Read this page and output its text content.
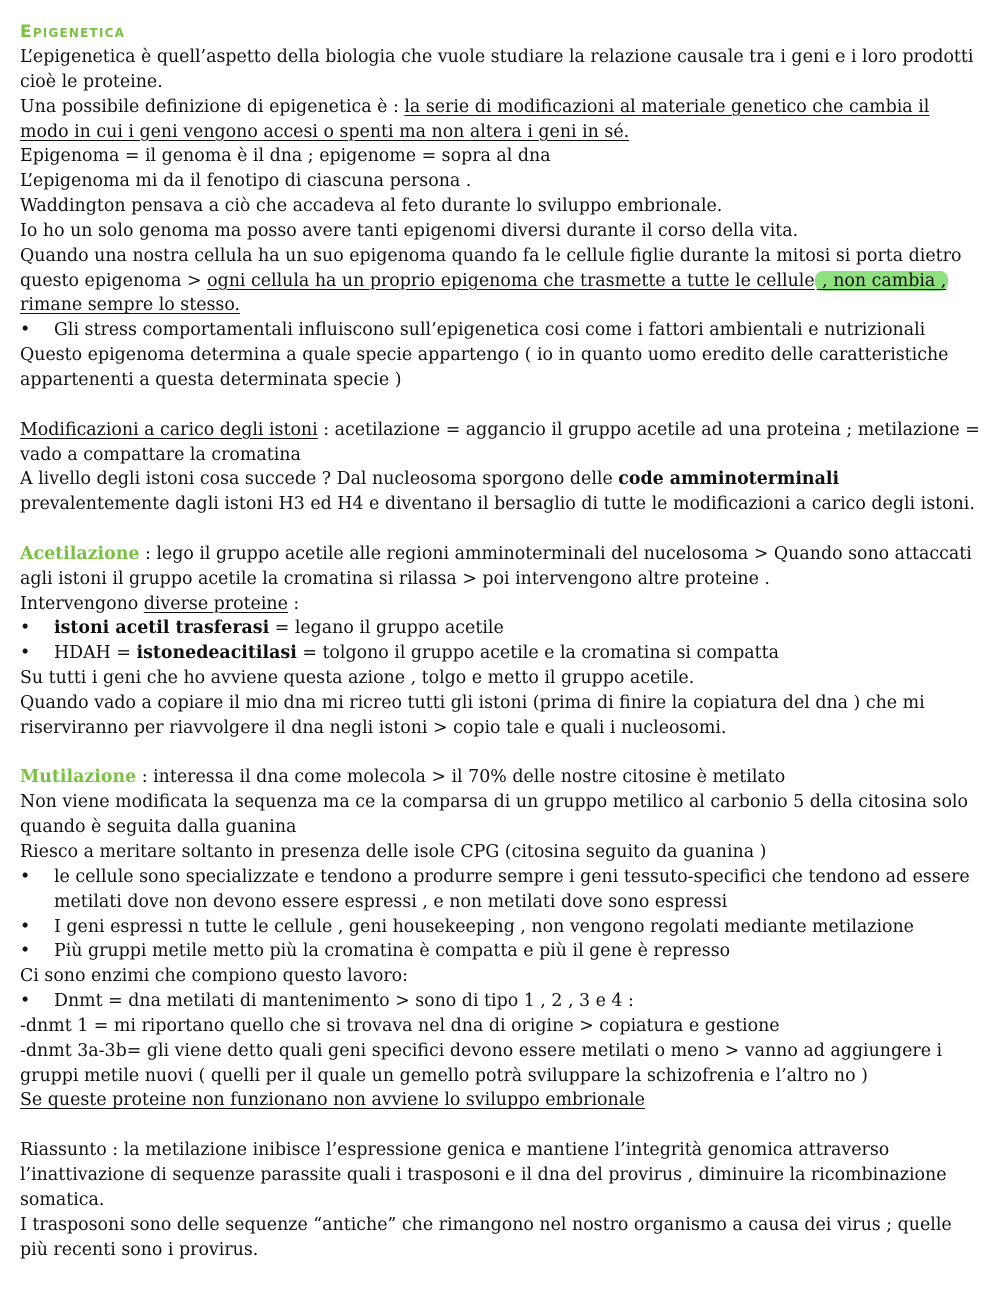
Epigenetica

L’epigenetica è quell’aspetto della biologia che vuole studiare la relazione causale tra i geni e i loro prodotti cioè le proteine.

Una possibile definizione di epigenetica è : la serie di modificazioni al materiale genetico che cambia il modo in cui i geni vengono accesi o spenti ma non altera i geni in sé.

Epigenoma = il genoma è il dna ; epigenome = sopra al dna

L’epigenoma mi da il fenotipo di ciascuna persona .

Waddington pensava a ciò che accadeva al feto durante lo sviluppo embrionale.

Io ho un solo genoma ma posso avere tanti epigenomi diversi durante il corso della vita.

Quando una nostra cellula ha un suo epigenoma quando fa le cellule figlie durante la mitosi si porta dietro questo epigenoma > ogni cellula ha un proprio epigenoma che trasmette a tutte le cellule , non cambia , rimane sempre lo stesso.

•	Gli stress comportamentali influiscono sull’epigenetica cosi come i fattori ambientali e nutrizionali

Questo epigenoma determina a quale specie appartengo ( io in quanto uomo eredito delle caratteristiche appartenenti a questa determinata specie )

Modificazioni a carico degli istoni : acetilazione = aggancio il gruppo acetile ad una proteina ; metilazione = vado a compattare la cromatina

A livello degli istoni cosa succede ? Dal nucleosoma sporgono delle code amminoterminali

prevalentemente dagli istoni H3 ed H4 e diventano il bersaglio di tutte le modificazioni a carico degli istoni.

Acetilazione : lego il gruppo acetile alle regioni amminoterminali del nucelosoma > Quando sono attaccati agli istoni il gruppo acetile la cromatina si rilassa > poi intervengono altre proteine .

Intervengono diverse proteine :

•	istoni acetil trasferasi = legano il gruppo acetile
•	HDAH = istonedeacitilasi = tolgono il gruppo acetile e la cromatina si compatta

Su tutti i geni che ho avviene questa azione , tolgo e metto il gruppo acetile.

Quando vado a copiare il mio dna mi ricreo tutti gli istoni (prima di finire la copiatura del dna ) che mi riserviranno per riavvolgere il dna negli istoni > copio tale e quali i nucleosomi.

Mutilazione : interessa il dna come molecola > il 70% delle nostre citosine è metilato

Non viene modificata la sequenza ma ce la comparsa di un gruppo metilico al carbonio 5 della citosina solo quando è seguita dalla guanina

Riesco a meritare soltanto in presenza delle isole CPG (citosina seguito da guanina )

•	le cellule sono specializzate e tendono a produrre sempre i geni tessuto-specifici che tendono ad essere metilati dove non devono essere espressi , e non metilati dove sono espressi
•	I geni espressi n tutte le cellule , geni housekeeping , non vengono regolati mediante metilazione
•	Più gruppi metile metto più la cromatina è compatta e più il gene è represso

Ci sono enzimi che compiono questo lavoro:

•	Dnmt = dna metilati di mantenimento > sono di tipo 1 , 2 , 3 e 4 :

-dnmt 1 = mi riportano quello che si trovava nel dna di origine > copiatura e gestione

-dnmt 3a-3b= gli viene detto quali geni specifici devono essere metilati o meno > vanno ad aggiungere i gruppi metile nuovi ( quelli per il quale un gemello potrà sviluppare la schizofrenia e l’altro no )

Se queste proteine non funzionano non avviene lo sviluppo embrionale

Riassunto : la metilazione inibisce l’espressione genica e mantiene l’integrità genomica attraverso l’inattivazione di sequenze parassite quali i trasposoni e il dna del provirus , diminuire la ricombinazione somatica.

I trasposoni sono delle sequenze “antiche” che rimangono nel nostro organismo a causa dei virus ; quelle più recenti sono i provirus.
